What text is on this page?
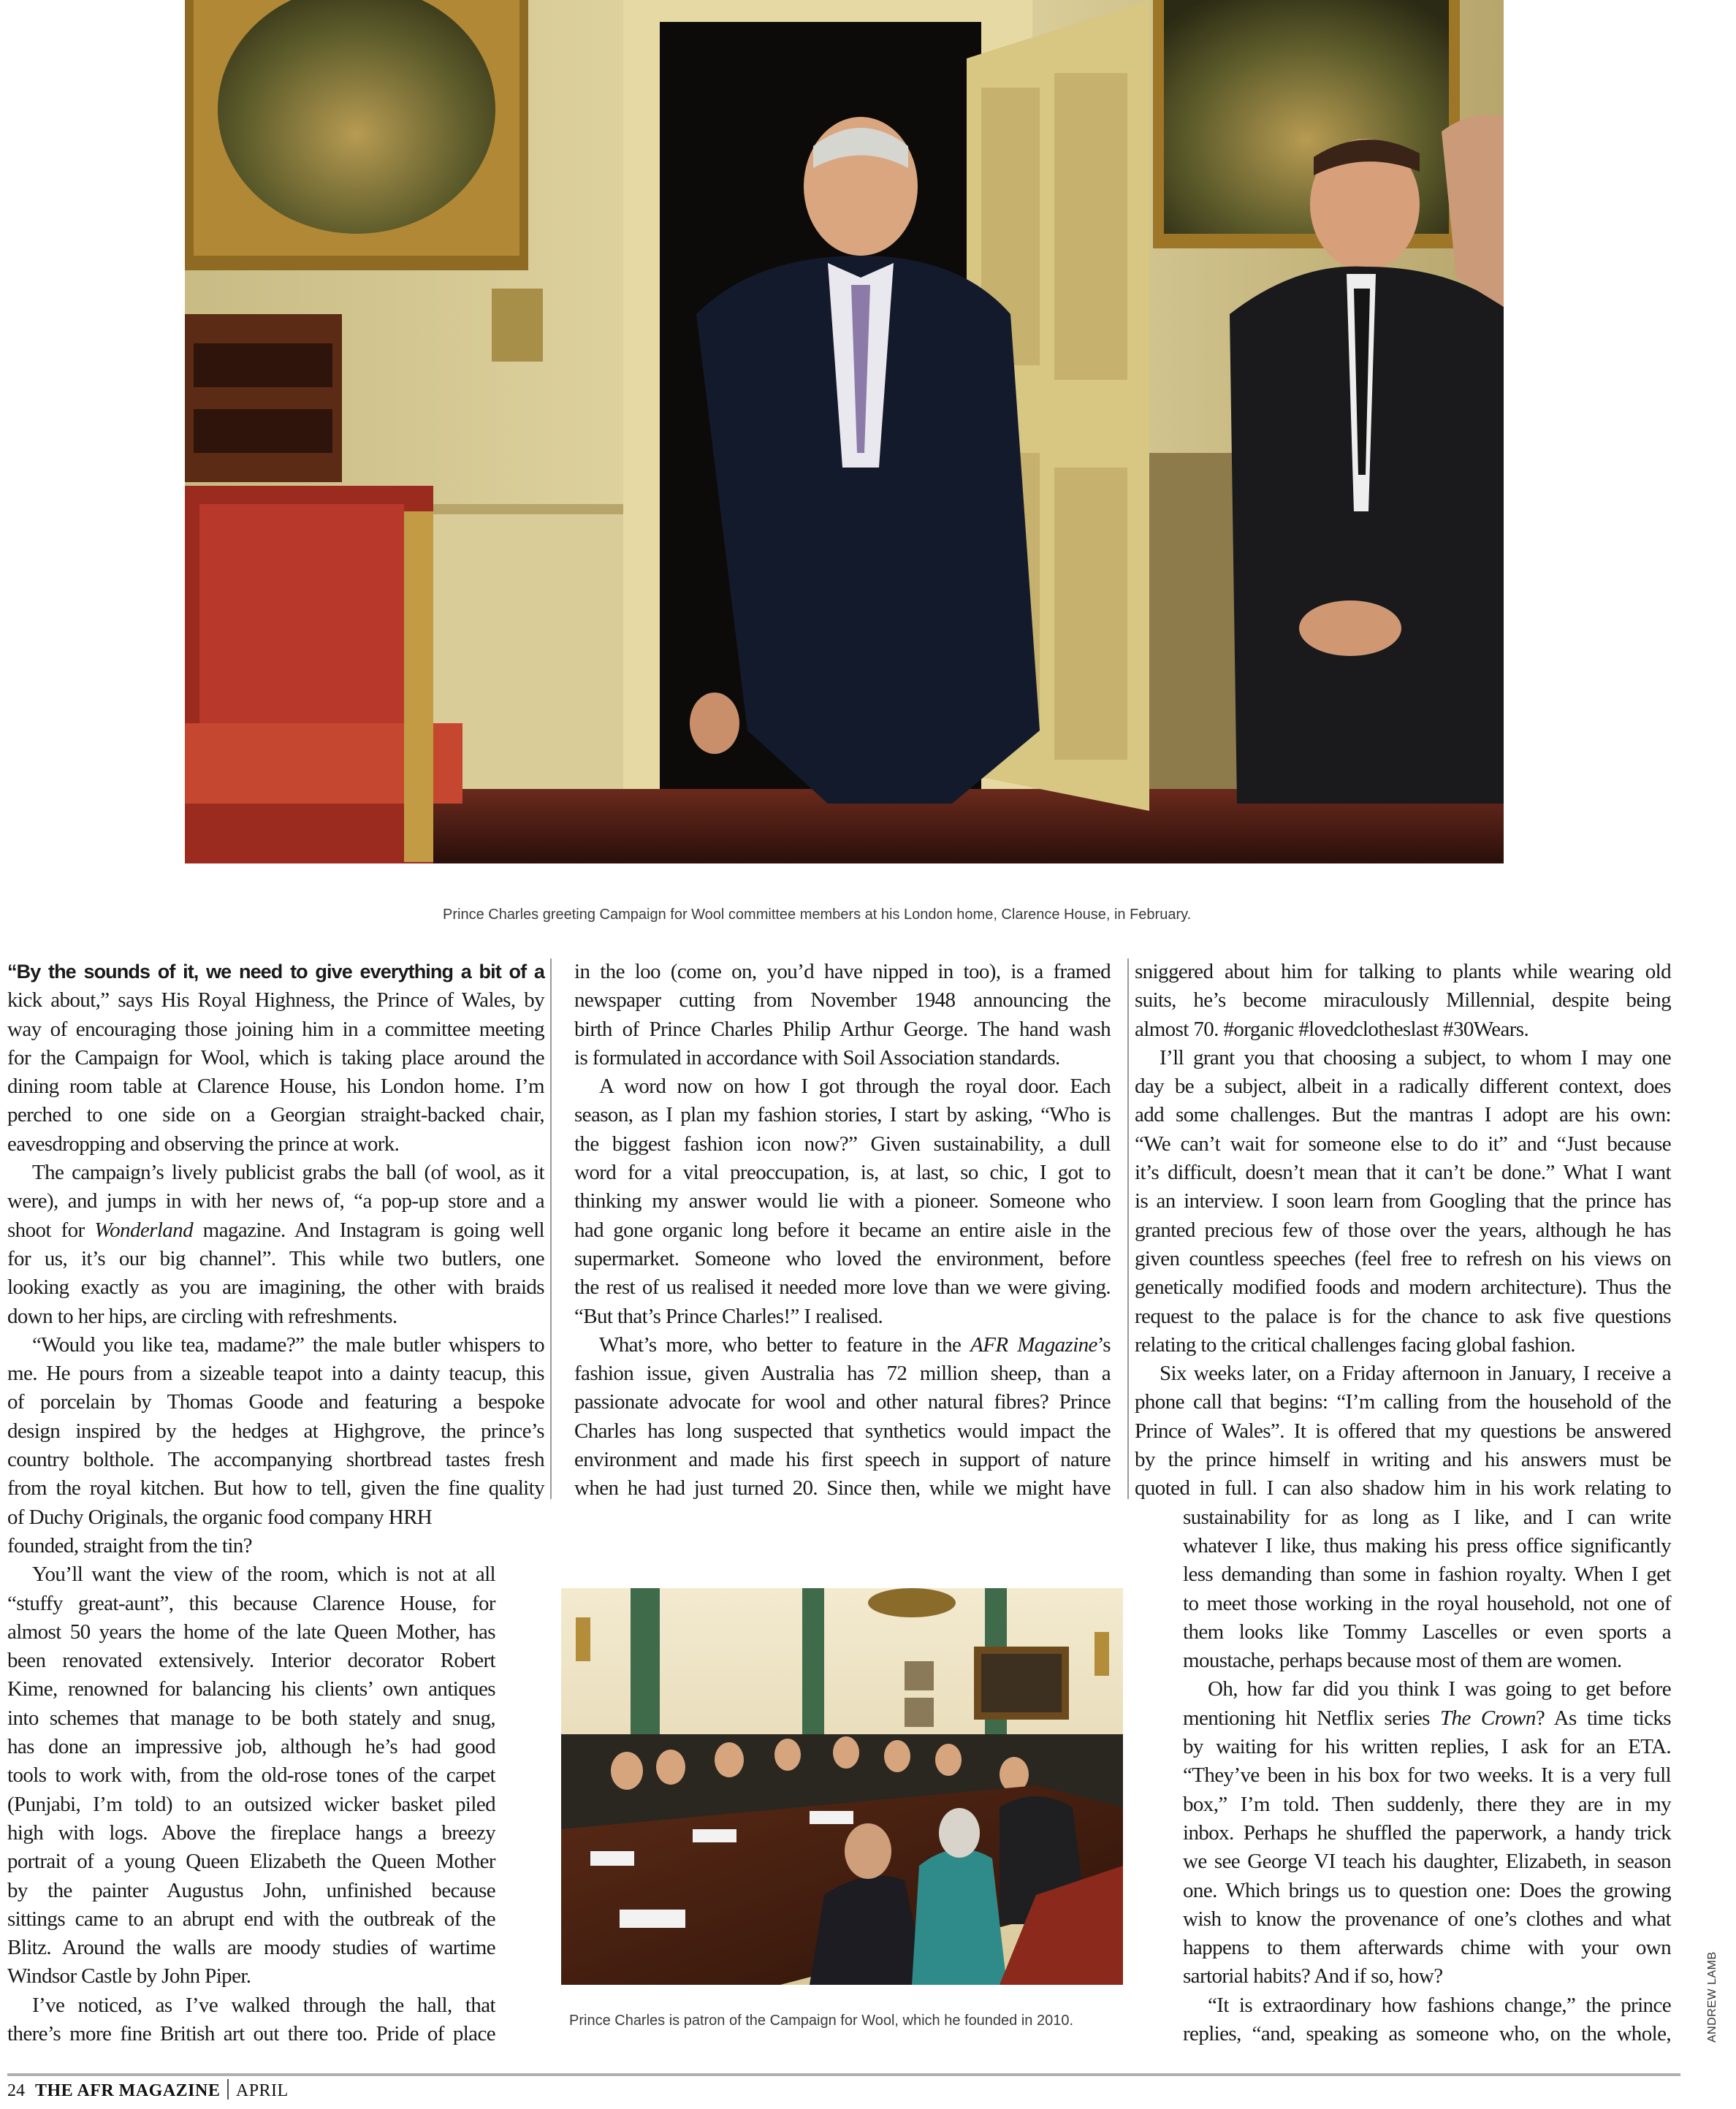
Prince Charles greeting Campaign for Wool committee members at his London home, Clarence House, in February.
“By the sounds of it, we need to give everything a bit of a
kick about,” says His Royal Highness, the Prince of Wales, by
way of encouraging those joining him in a committee meeting
for the Campaign for Wool, which is taking place around the
dining room table at Clarence House, his London home. I’m
perched to one side on a Georgian straight-backed chair,
eavesdropping and observing the prince at work.
The campaign’s lively publicist grabs the ball (of wool, as it
were), and jumps in with her news of, “a pop-up store and a
shoot for Wonderland magazine. And Instagram is going well
for us, it’s our big channel”. This while two butlers, one
looking exactly as you are imagining, the other with braids
down to her hips, are circling with refreshments.
“Would you like tea, madame?” the male butler whispers to
me. He pours from a sizeable teapot into a dainty teacup, this
of porcelain by Thomas Goode and featuring a bespoke
design inspired by the hedges at Highgrove, the prince’s
country bolthole. The accompanying shortbread tastes fresh
from the royal kitchen. But how to tell, given the fine quality
of Duchy Originals, the organic food company HRH
founded, straight from the tin?
You’ll want the view of the room, which is not at all
“stuffy great-aunt”, this because Clarence House, for
almost 50 years the home of the late Queen Mother, has
been renovated extensively. Interior decorator Robert
Kime, renowned for balancing his clients’ own antiques
into schemes that manage to be both stately and snug,
has done an impressive job, although he’s had good
tools to work with, from the old-rose tones of the carpet
(Punjabi, I’m told) to an outsized wicker basket piled
high with logs. Above the fireplace hangs a breezy
portrait of a young Queen Elizabeth the Queen Mother
by the painter Augustus John, unfinished because
sittings came to an abrupt end with the outbreak of the
Blitz. Around the walls are moody studies of wartime
Windsor Castle by John Piper.
I’ve noticed, as I’ve walked through the hall, that
there’s more fine British art out there too. Pride of place
in the loo (come on, you’d have nipped in too), is a framed
newspaper cutting from November 1948 announcing the
birth of Prince Charles Philip Arthur George. The hand wash
is formulated in accordance with Soil Association standards.
A word now on how I got through the royal door. Each
season, as I plan my fashion stories, I start by asking, “Who is
the biggest fashion icon now?” Given sustainability, a dull
word for a vital preoccupation, is, at last, so chic, I got to
thinking my answer would lie with a pioneer. Someone who
had gone organic long before it became an entire aisle in the
supermarket. Someone who loved the environment, before
the rest of us realised it needed more love than we were giving.
“But that’s Prince Charles!” I realised.
What’s more, who better to feature in the AFR Magazine’s
fashion issue, given Australia has 72 million sheep, than a
passionate advocate for wool and other natural fibres? Prince
Charles has long suspected that synthetics would impact the
environment and made his first speech in support of nature
when he had just turned 20. Since then, while we might have
Prince Charles is patron of the Campaign for Wool, which he founded in 2010.
sniggered about him for talking to plants while wearing old
suits, he’s become miraculously Millennial, despite being
almost 70. #organic #lovedclotheslast #30Wears.
I’ll grant you that choosing a subject, to whom I may one
day be a subject, albeit in a radically different context, does
add some challenges. But the mantras I adopt are his own:
“We can’t wait for someone else to do it” and “Just because
it’s difficult, doesn’t mean that it can’t be done.” What I want
is an interview. I soon learn from Googling that the prince has
granted precious few of those over the years, although he has
given countless speeches (feel free to refresh on his views on
genetically modified foods and modern architecture). Thus the
request to the palace is for the chance to ask five questions
relating to the critical challenges facing global fashion.
Six weeks later, on a Friday afternoon in January, I receive a
phone call that begins: “I’m calling from the household of the
Prince of Wales”. It is offered that my questions be answered
by the prince himself in writing and his answers must be
quoted in full. I can also shadow him in his work relating to
sustainability for as long as I like, and I can write
whatever I like, thus making his press office significantly
less demanding than some in fashion royalty. When I get
to meet those working in the royal household, not one of
them looks like Tommy Lascelles or even sports a
moustache, perhaps because most of them are women.
Oh, how far did you think I was going to get before
mentioning hit Netflix series The Crown? As time ticks
by waiting for his written replies, I ask for an ETA.
“They’ve been in his box for two weeks. It is a very full
box,” I’m told. Then suddenly, there they are in my
inbox. Perhaps he shuffled the paperwork, a handy trick
we see George VI teach his daughter, Elizabeth, in season
one. Which brings us to question one: Does the growing
wish to know the provenance of one’s clothes and what
happens to them afterwards chime with your own
sartorial habits? And if so, how?
“It is extraordinary how fashions change,” the prince
replies, “and, speaking as someone who, on the whole,	ANDREW LAMB
24 THE AFR MAGAZINE APRIL
